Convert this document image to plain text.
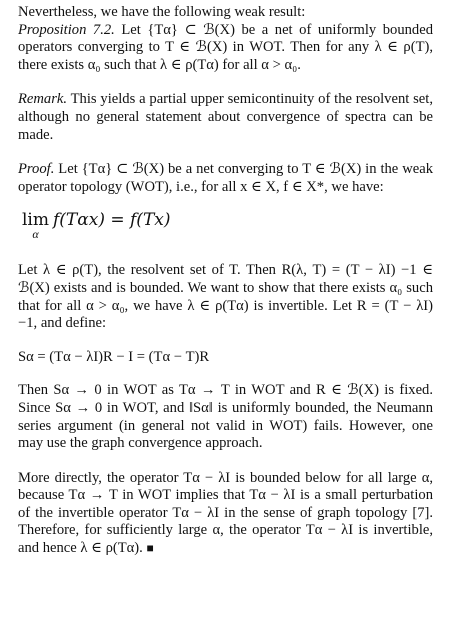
Nevertheless, we have the following weak result:

Proposition 7.2. Let {Tα} ⊂ ℬ(X) be a net of uniformly bounded operators converging to T ∈ ℬ(X) in WOT. Then for any λ ∈ ρ(T), there exists α₀ such that λ ∈ ρ(Tα) for all α > α₀.

Remark. This yields a partial upper semicontinuity of the resolvent set, although no general statement about convergence of spectra can be made.

Proof. Let {Tα} ⊂ ℬ(X) be a net converging to T ∈ ℬ(X) in the weak operator topology (WOT), i.e., for all x ∈ X, f ∈ X*, we have:

lim
α
f(Tαx) = f(Tx)

Let λ ∈ ρ(T), the resolvent set of T. Then R(λ, T) = (T − λI) −1 ∈ ℬ(X) exists and is bounded. We want to show that there exists α₀ such that for all α > α₀, we have λ ∈ ρ(Tα) is invertible. Let R = (T − λI) −1, and define:

Sα = (Tα − λI)R − I = (Tα − T)R

Then Sα → 0 in WOT as Tα → T in WOT and R ∈ ℬ(X) is fixed. Since Sα → 0 in WOT, and ‖Sα‖ is uniformly bounded, the Neumann series argument (in general not valid in WOT) fails. However, one may use the graph convergence approach.

More directly, the operator Tα − λI is bounded below for all large α, because Tα → T in WOT implies that Tα − λI is a small perturbation of the invertible operator Tα − λI in the sense of graph topology [7]. Therefore, for sufficiently large α, the operator Tα − λI is invertible, and hence λ ∈ ρ(Tα). ■
